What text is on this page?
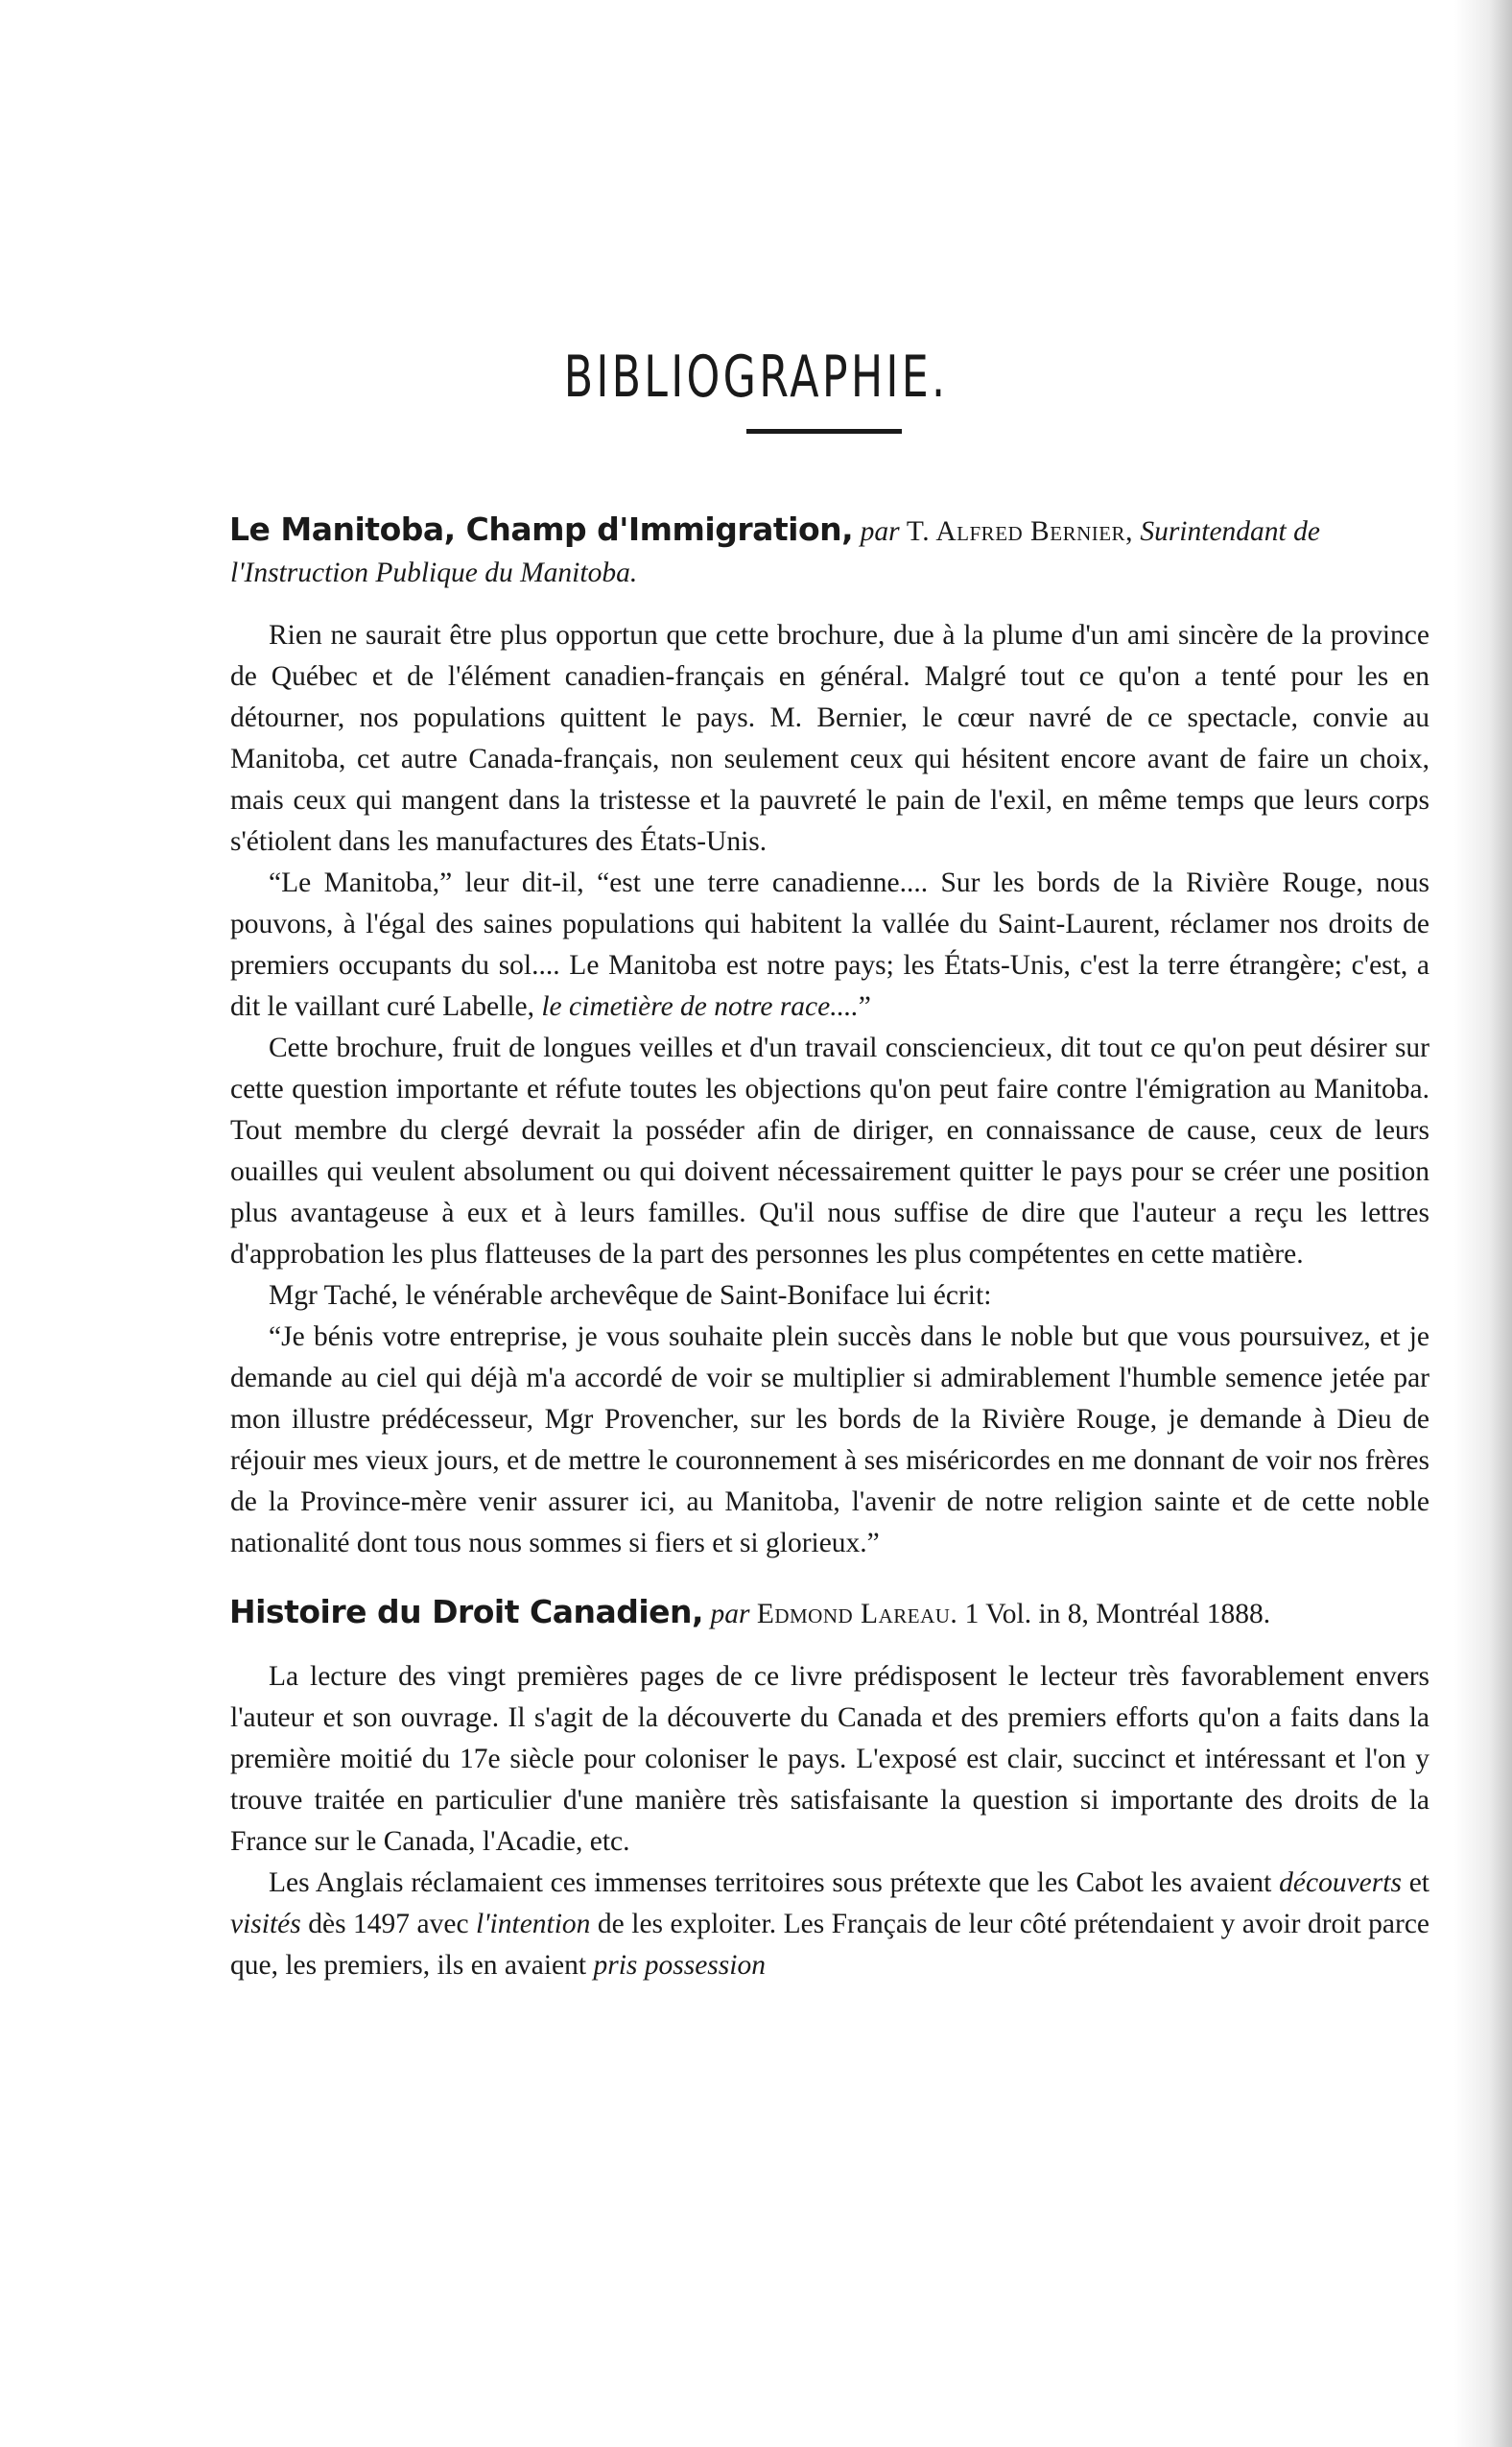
BIBLIOGRAPHIE.
Le Manitoba, Champ d'Immigration, par T. Alfred Bernier, Surintendant de l'Instruction Publique du Manitoba.

Rien ne saurait être plus opportun que cette brochure, due à la plume d'un ami sincère de la province de Québec et de l'élément canadien-français en général. Malgré tout ce qu'on a tenté pour les en détourner, nos populations quittent le pays. M. Bernier, le cœur navré de ce spectacle, convie au Manitoba, cet autre Canada-français, non seulement ceux qui hésitent encore avant de faire un choix, mais ceux qui mangent dans la tristesse et la pauvreté le pain de l'exil, en même temps que leurs corps s'étiolent dans les manufactures des États-Unis.

“Le Manitoba,” leur dit-il, “est une terre canadienne.... Sur les bords de la Rivière Rouge, nous pouvons, à l'égal des saines populations qui habitent la vallée du Saint-Laurent, réclamer nos droits de premiers occupants du sol.... Le Manitoba est notre pays; les États-Unis, c'est la terre étrangère; c'est, a dit le vaillant curé Labelle, le cimetière de notre race....”

Cette brochure, fruit de longues veilles et d'un travail consciencieux, dit tout ce qu'on peut désirer sur cette question importante et réfute toutes les objections qu'on peut faire contre l'émigration au Manitoba. Tout membre du clergé devrait la posséder afin de diriger, en connaissance de cause, ceux de leurs ouailles qui veulent absolument ou qui doivent nécessairement quitter le pays pour se créer une position plus avantageuse à eux et à leurs familles. Qu'il nous suffise de dire que l'auteur a reçu les lettres d'approbation les plus flatteuses de la part des personnes les plus compétentes en cette matière.

Mgr Taché, le vénérable archevêque de Saint-Boniface lui écrit:

“Je bénis votre entreprise, je vous souhaite plein succès dans le noble but que vous poursuivez, et je demande au ciel qui déjà m'a accordé de voir se multiplier si admirablement l'humble semence jetée par mon illustre prédécesseur, Mgr Provencher, sur les bords de la Rivière Rouge, je demande à Dieu de réjouir mes vieux jours, et de mettre le couronnement à ses miséricordes en me donnant de voir nos frères de la Province-mère venir assurer ici, au Manitoba, l'avenir de notre religion sainte et de cette noble nationalité dont tous nous sommes si fiers et si glorieux.”

Histoire du Droit Canadien, par Edmond Lareau. 1 Vol. in 8, Montréal 1888.

La lecture des vingt premières pages de ce livre prédisposent le lecteur très favorablement envers l'auteur et son ouvrage. Il s'agit de la découverte du Canada et des premiers efforts qu'on a faits dans la première moitié du 17e siècle pour coloniser le pays. L'exposé est clair, succinct et intéressant et l'on y trouve traitée en particulier d'une manière très satisfaisante la question si importante des droits de la France sur le Canada, l'Acadie, etc.

Les Anglais réclamaient ces immenses territoires sous prétexte que les Cabot les avaient découverts et visités dès 1497 avec l'intention de les exploiter. Les Français de leur côté prétendaient y avoir droit parce que, les premiers, ils en avaient pris possession
